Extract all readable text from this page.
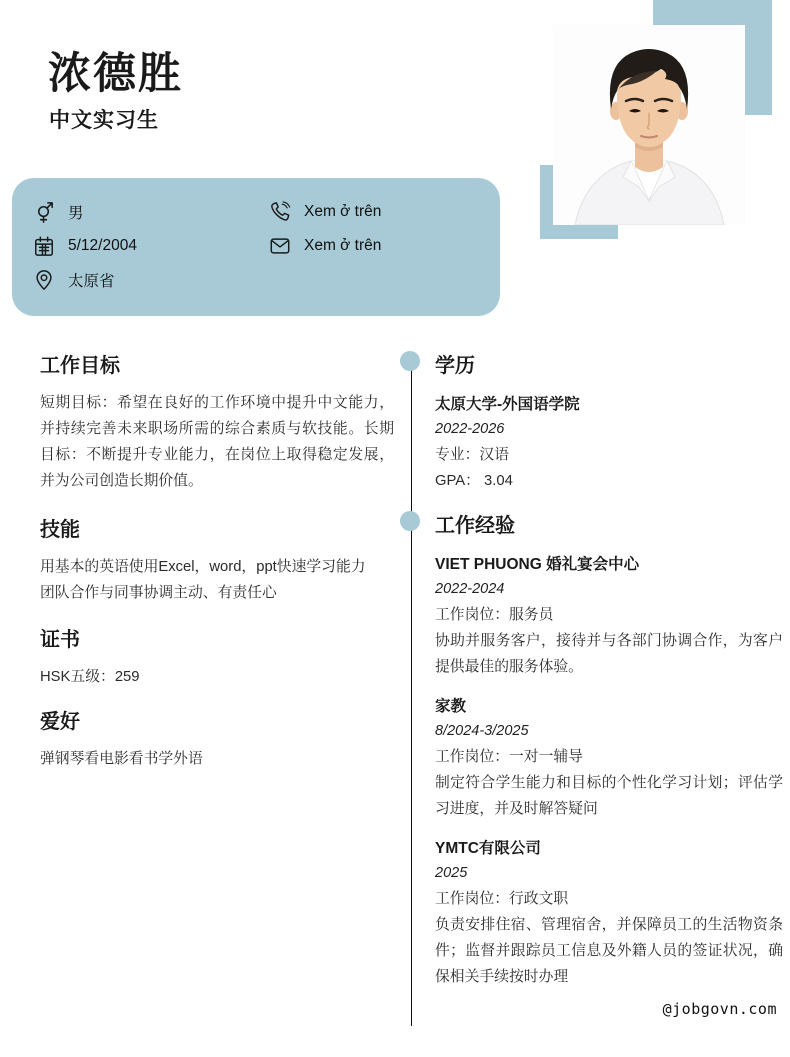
浓德胜
中文实习生
男
5/12/2004
太原省
Xem ở trên
Xem ở trên
工作目标
短期目标：希望在良好的工作环境中提升中文能力，并持续完善未来职场所需的综合素质与软技能。长期目标：不断提升专业能力，在岗位上取得稳定发展，并为公司创造长期价值。
技能
用基本的英语使用Excel，word，ppt快速学习能力
团队合作与同事协调主动、有责任心
证书
HSK五级：259
爱好
弹钢琴看电影看书学外语
学历
太原大学-外国语学院
2022-2026
专业：汉语
GPA： 3.04
工作经验
VIET PHUONG 婚礼宴会中心
2022-2024
工作岗位：服务员
协助并服务客户，接待并与各部门协调合作，为客户提供最佳的服务体验。
家教
8/2024-3/2025
工作岗位：一对一辅导
制定符合学生能力和目标的个性化学习计划；评估学习进度，并及时解答疑问
YMTC有限公司
2025
工作岗位：行政文职
负责安排住宿、管理宿舍，并保障员工的生活物资条件；监督并跟踪员工信息及外籍人员的签证状况，确保相关手续按时办理
@jobgovn.com
